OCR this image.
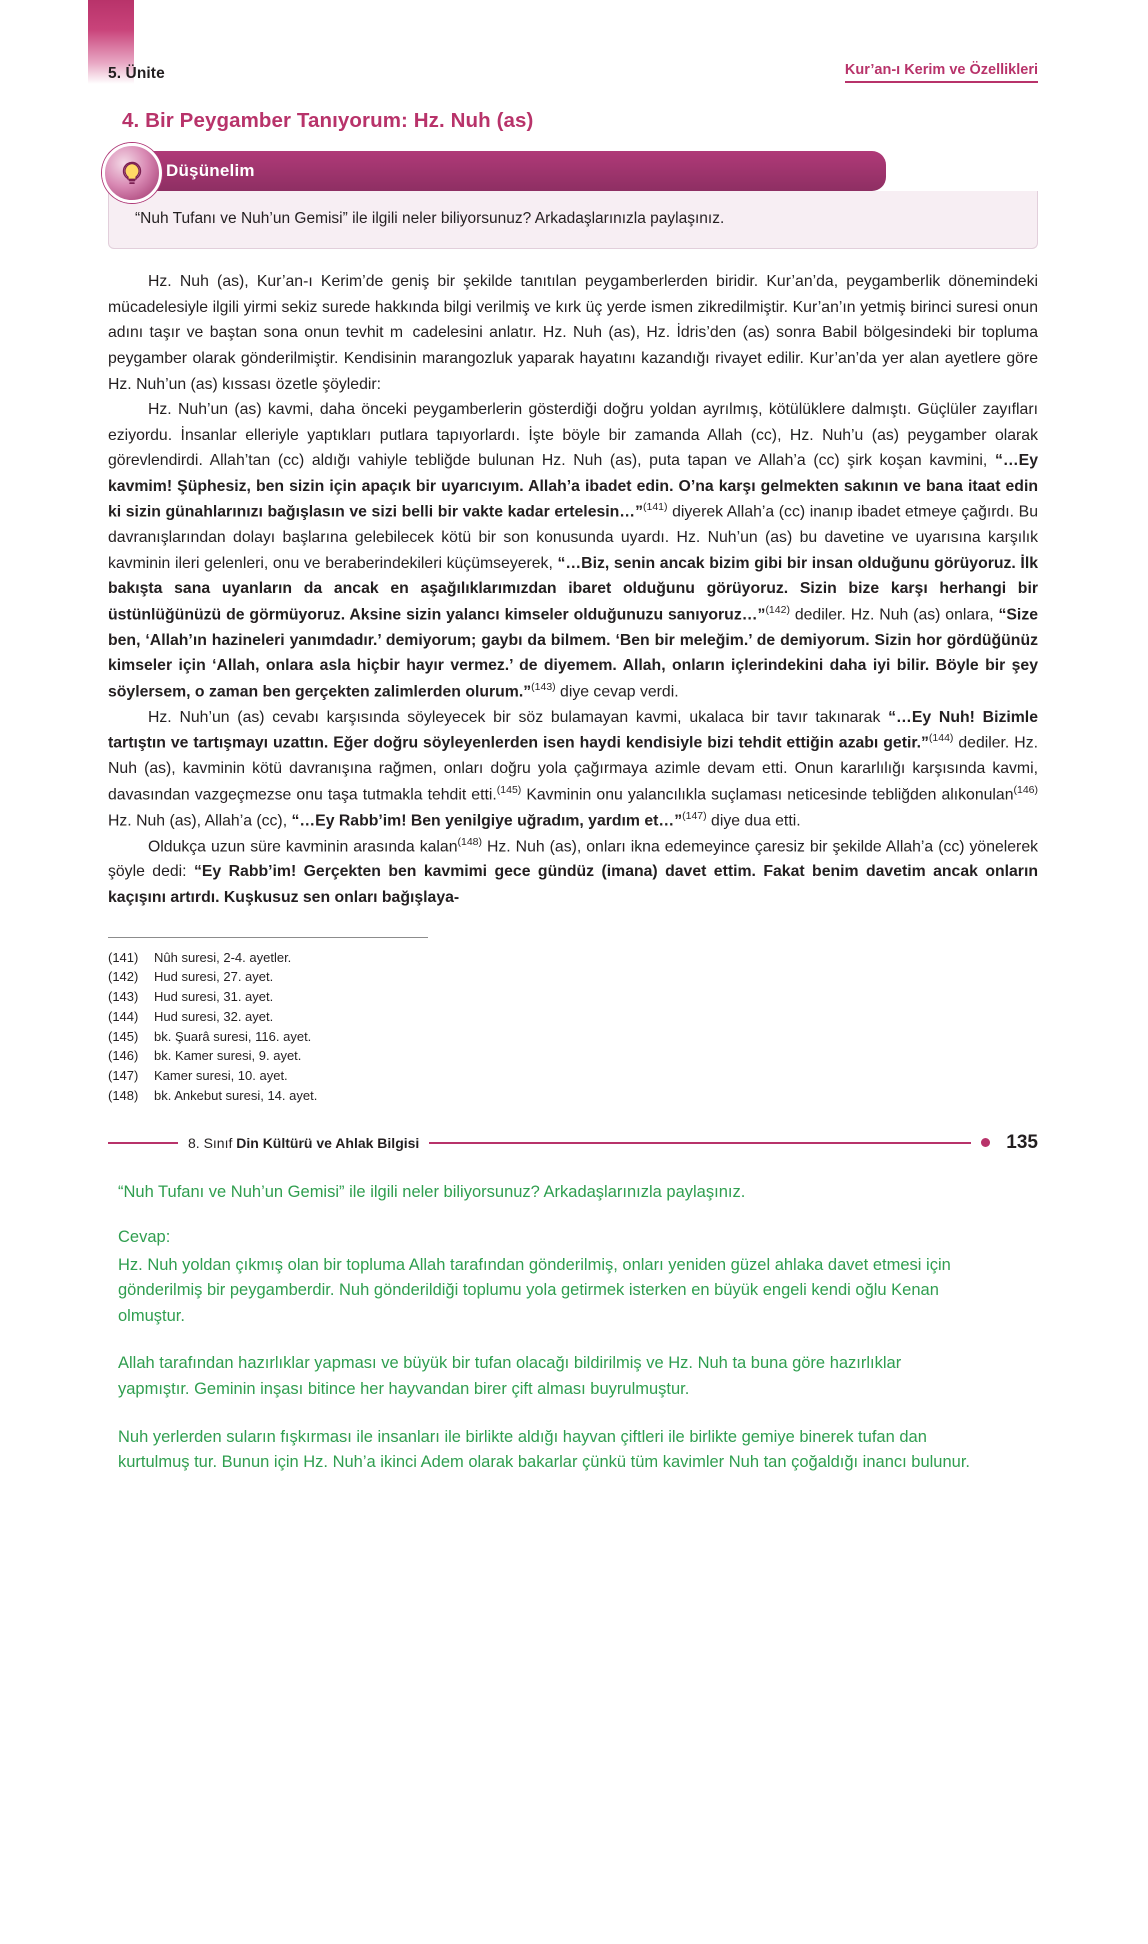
5. Ünite	Kur’an-ı Kerim ve Özellikleri
4. Bir Peygamber Tanıyorum: Hz. Nuh (as)
Düşünelim
“Nuh Tufanı ve Nuh’un Gemisi” ile ilgili neler biliyorsunuz? Arkadaşlarınızla paylaşınız.

Hz. Nuh (as), Kur’an-ı Kerim’de geniş bir şekilde tanıtılan peygamberlerden biridir. Kur’an’da, peygamberlik dönemindeki mücadelesiyle ilgili yirmi sekiz surede hakkında bilgi verilmiş ve kırk üç yerde ismen zikredilmiştir. Kur’an’ın yetmiş birinci suresi onun adını taşır ve baştan sona onun tevhit m cadelesini anlatır. Hz. Nuh (as), Hz. İdris’den (as) sonra Babil bölgesindeki bir topluma peygamber olarak gönderilmiştir. Kendisinin marangozluk yaparak hayatını kazandığı rivayet edilir. Kur’an’da yer alan ayetlere göre Hz. Nuh’un (as) kıssası özetle şöyledir:

Hz. Nuh’un (as) kavmi, daha önceki peygamberlerin gösterdiği doğru yoldan ayrılmış, kötülüklere dalmıştı. Güçlüler zayıfları eziyordu. İnsanlar elleriyle yaptıkları putlara tapıyorlardı. İşte böyle bir zamanda Allah (cc), Hz. Nuh’u (as) peygamber olarak görevlendirdi. Allah’tan (cc) aldığı vahiyle tebliğde bulunan Hz. Nuh (as), puta tapan ve Allah’a (cc) şirk koşan kavmini, “…Ey kavmim! Şüphesiz, ben sizin için apaçık bir uyarıcıyım. Allah’a ibadet edin. O’na karşı gelmekten sakının ve bana itaat edin ki sizin günahlarınızı bağışlasın ve sizi belli bir vakte kadar ertelesin…”$^{(141)}$ diyerek Allah’a (cc) inanıp ibadet etmeye çağırdı. Bu davranışlarından dolayı başlarına gelebilecek kötü bir son konusunda uyardı. Hz. Nuh’un (as) bu davetine ve uyarısına karşılık kavminin ileri gelenleri, onu ve beraberindekileri küçümseyerek, “…Biz, senin ancak bizim gibi bir insan olduğunu görüyoruz. İlk bakışta sana uyanların da ancak en aşağılıklarımızdan ibaret olduğunu görüyoruz. Sizin bize karşı herhangi bir üstünlüğünüzü de görmüyoruz. Aksine sizin yalancı kimseler olduğunuzu sanıyoruz…”$^{(142)}$ dediler. Hz. Nuh (as) onlara, “Size ben, ‘Allah’ın hazineleri yanımdadır.’ demiyorum; gaybı da bilmem. ‘Ben bir meleğim.’ de demiyorum. Sizin hor gördüğünüz kimseler için ‘Allah, onlara asla hiçbir hayır vermez.’ de diyemem. Allah, onların içlerindekini daha iyi bilir. Böyle bir şey söylersem, o zaman ben gerçekten zalimlerden olurum.”$^{(143)}$ diye cevap verdi.

Hz. Nuh’un (as) cevabı karşısında söyleyecek bir söz bulamayan kavmi, ukalaca bir tavır takınarak “…Ey Nuh! Bizimle tartıştın ve tartışmayı uzattın. Eğer doğru söyleyenlerden isen haydi kendisiyle bizi tehdit ettiğin azabı getir.”$^{(144)}$ dediler. Hz. Nuh (as), kavminin kötü davranışına rağmen, onları doğru yola çağırmaya azimle devam etti. Onun kararlılığı karşısında kavmi, davasından vazgeçmezse onu taşa tutmakla tehdit etti.$^{(145)}$ Kavminin onu yalancılıkla suçlaması neticesinde tebliğden alıkonulan$^{(146)}$ Hz. Nuh (as), Allah’a (cc), “…Ey Rabb’im! Ben yenilgiye uğradım, yardım et…”$^{(147)}$ diye dua etti.

Oldukça uzun süre kavminin arasında kalan$^{(148)}$ Hz. Nuh (as), onları ikna edemeyince çaresiz bir şekilde Allah’a (cc) yönelerek şöyle dedi: “Ey Rabb’im! Gerçekten ben kavmimi gece gündüz (imana) davet ettim. Fakat benim davetim ancak onların kaçışını artırdı. Kuşkusuz sen onları bağışlaya-

(141)	Nûh suresi, 2-4. ayetler.
(142)	Hud suresi, 27. ayet.
(143)	Hud suresi, 31. ayet.
(144)	Hud suresi, 32. ayet.
(145)	bk. Şuarâ suresi, 116. ayet.
(146)	bk. Kamer suresi, 9. ayet.
(147)	Kamer suresi, 10. ayet.
(148)	bk. Ankebut suresi, 14. ayet.
8. Sınıf Din Kültürü ve Ahlak Bilgisi	135
“Nuh Tufanı ve Nuh’un Gemisi” ile ilgili neler biliyorsunuz? Arkadaşlarınızla paylaşınız.
Cevap:

Hz. Nuh yoldan çıkmış olan bir topluma Allah tarafından gönderilmiş, onları yeniden güzel ahlaka davet etmesi için gönderilmiş bir peygamberdir. Nuh gönderildiği toplumu yola getirmek isterken en büyük engeli kendi oğlu Kenan olmuştur.

Allah tarafından hazırlıklar yapması ve büyük bir tufan olacağı bildirilmiş ve Hz. Nuh ta buna göre hazırlıklar yapmıştır. Geminin inşası bitince her hayvandan birer çift alması buyrulmuştur.

Nuh yerlerden suların fışkırması ile insanları ile birlikte aldığı hayvan çiftleri ile birlikte gemiye binerek tufan dan kurtulmuş tur. Bunun için Hz. Nuh’a ikinci Adem olarak bakarlar çünkü tüm kavimler Nuh tan çoğaldığı inancı bulunur.
